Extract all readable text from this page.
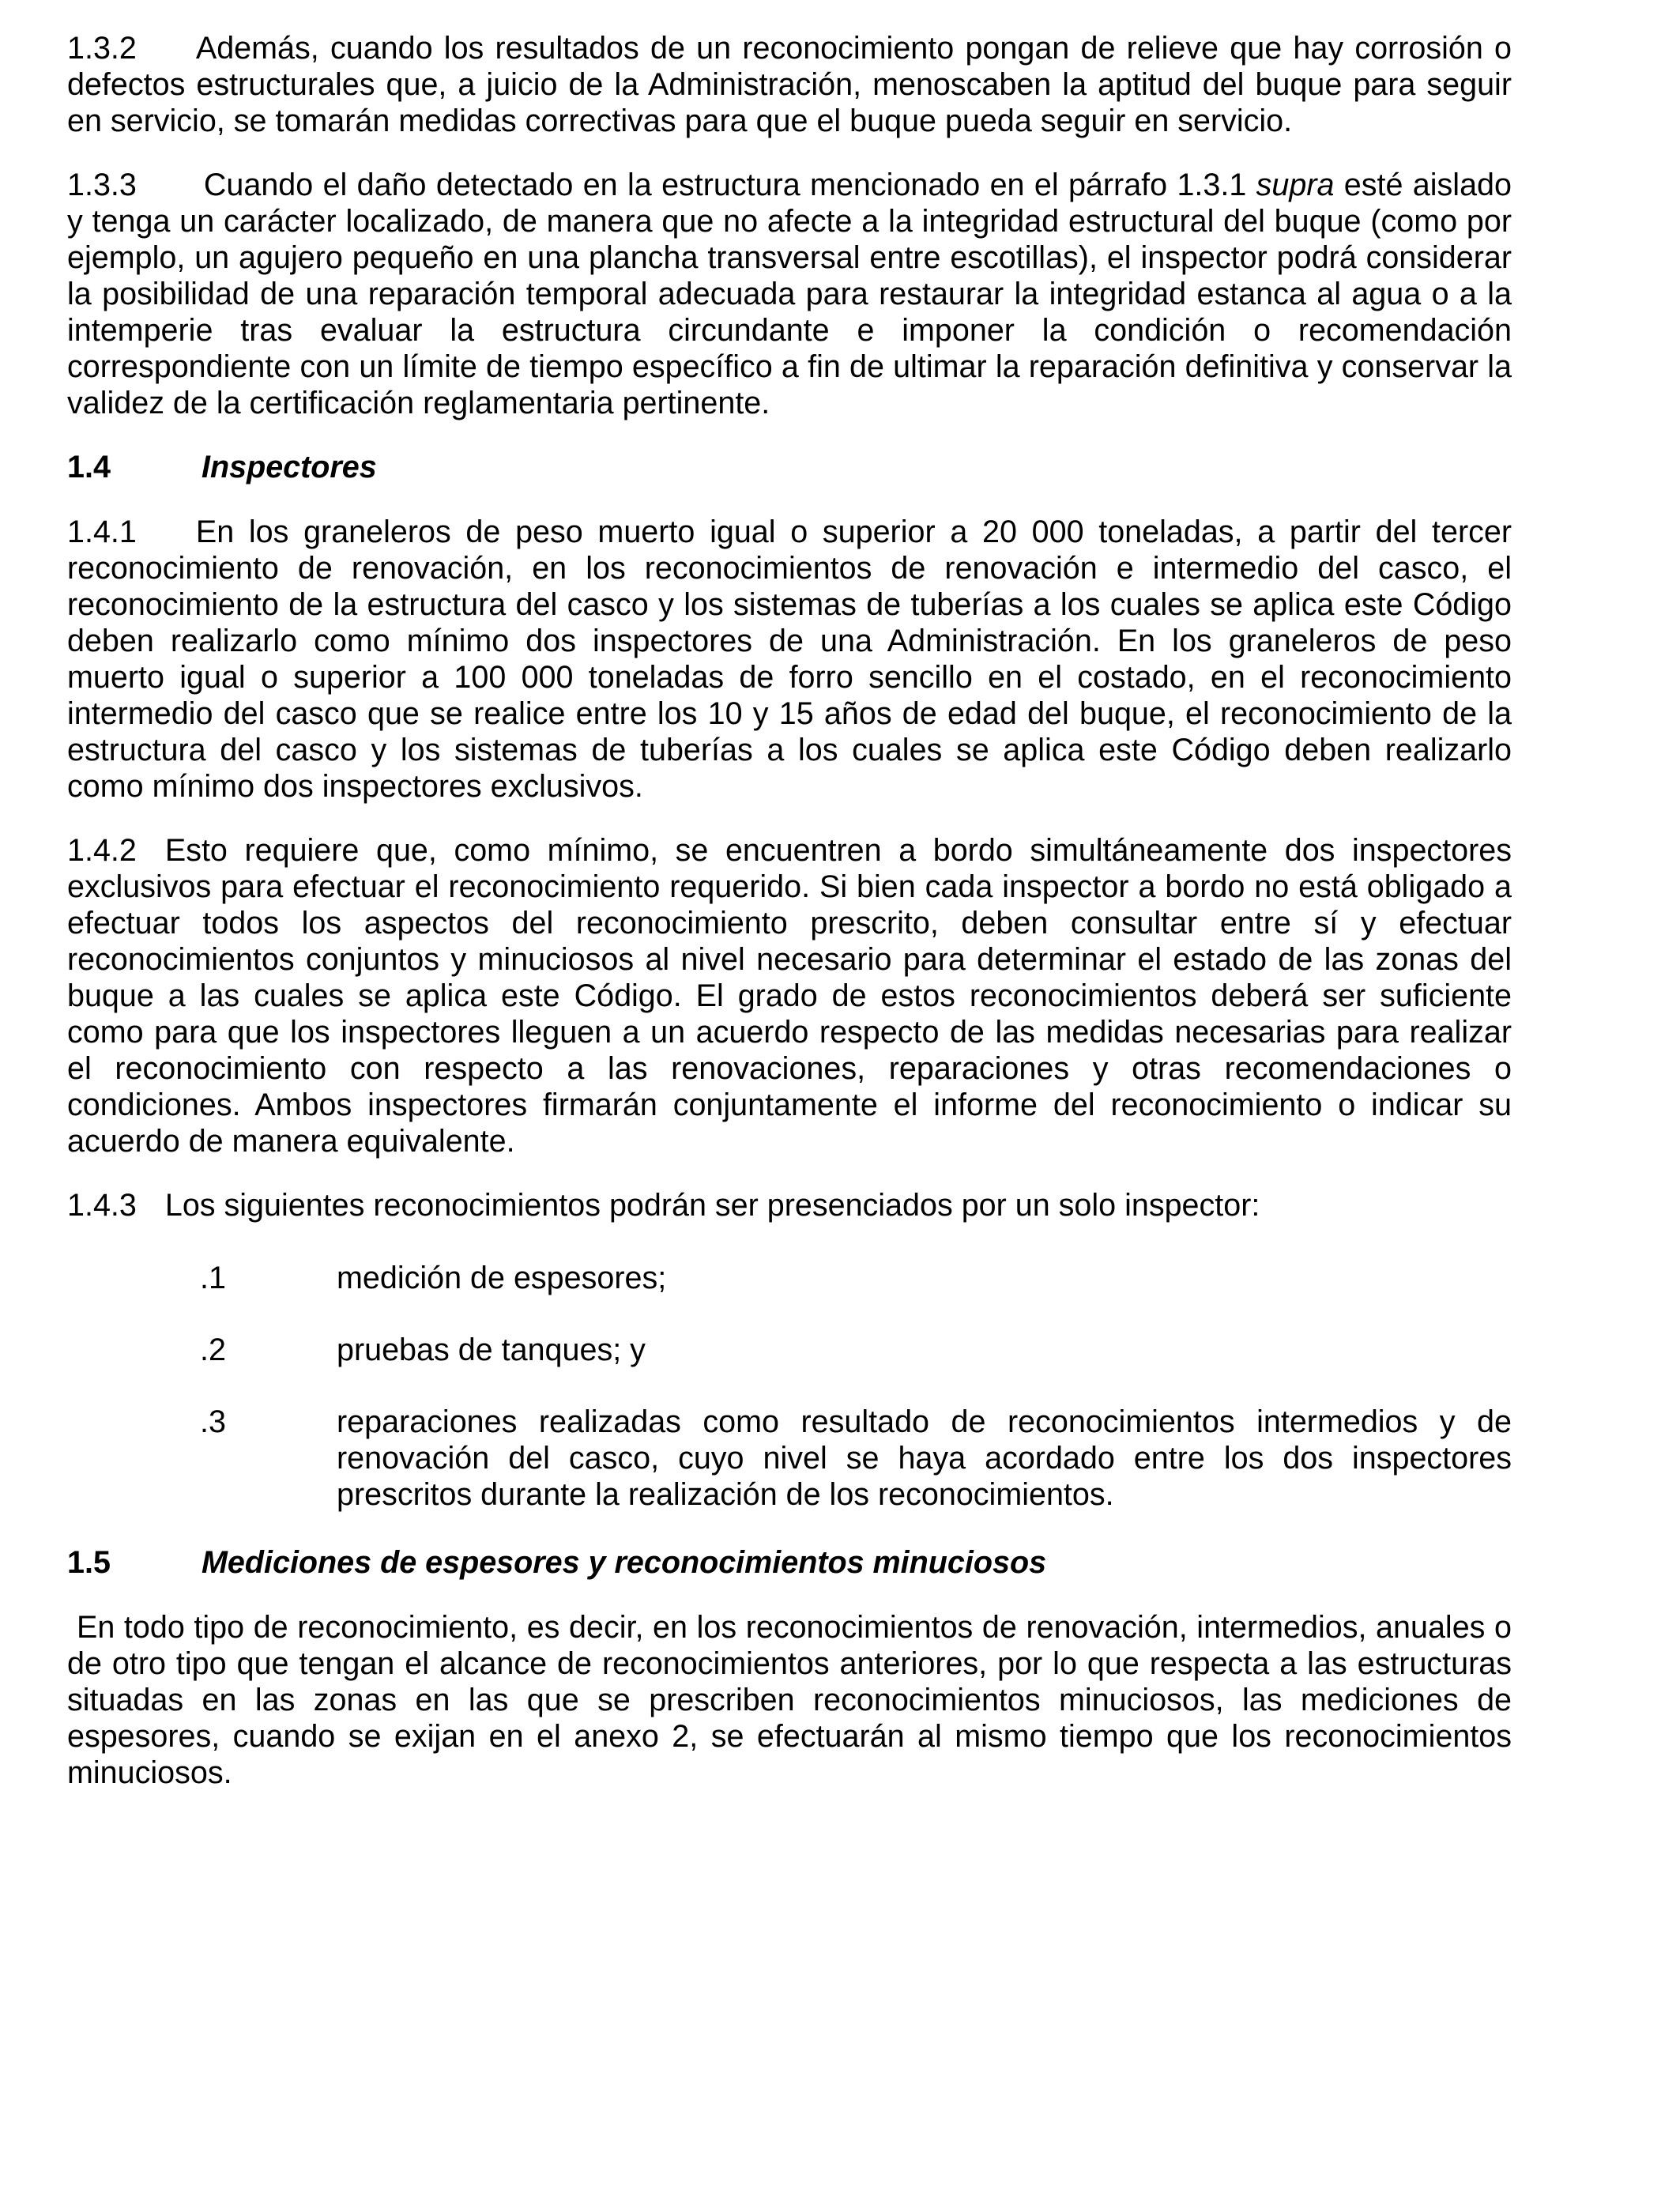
1.3.2 Además, cuando los resultados de un reconocimiento pongan de relieve que hay corrosión o defectos estructurales que, a juicio de la Administración, menoscaben la aptitud del buque para seguir en servicio, se tomarán medidas correctivas para que el buque pueda seguir en servicio.

1.3.3 Cuando el daño detectado en la estructura mencionado en el párrafo 1.3.1 supra esté aislado y tenga un carácter localizado, de manera que no afecte a la integridad estructural del buque (como por ejemplo, un agujero pequeño en una plancha transversal entre escotillas), el inspector podrá considerar la posibilidad de una reparación temporal adecuada para restaurar la integridad estanca al agua o a la intemperie tras evaluar la estructura circundante e imponer la condición o recomendación correspondiente con un límite de tiempo específico a fin de ultimar la reparación definitiva y conservar la validez de la certificación reglamentaria pertinente.

1.4	Inspectores

1.4.1 En los graneleros de peso muerto igual o superior a 20 000 toneladas, a partir del tercer reconocimiento de renovación, en los reconocimientos de renovación e intermedio del casco, el reconocimiento de la estructura del casco y los sistemas de tuberías a los cuales se aplica este Código deben realizarlo como mínimo dos inspectores de una Administración. En los graneleros de peso muerto igual o superior a 100 000 toneladas de forro sencillo en el costado, en el reconocimiento intermedio del casco que se realice entre los 10 y 15 años de edad del buque, el reconocimiento de la estructura del casco y los sistemas de tuberías a los cuales se aplica este Código deben realizarlo como mínimo dos inspectores exclusivos.

1.4.2 Esto requiere que, como mínimo, se encuentren a bordo simultáneamente dos inspectores exclusivos para efectuar el reconocimiento requerido. Si bien cada inspector a bordo no está obligado a efectuar todos los aspectos del reconocimiento prescrito, deben consultar entre sí y efectuar reconocimientos conjuntos y minuciosos al nivel necesario para determinar el estado de las zonas del buque a las cuales se aplica este Código. El grado de estos reconocimientos deberá ser suficiente como para que los inspectores lleguen a un acuerdo respecto de las medidas necesarias para realizar el reconocimiento con respecto a las renovaciones, reparaciones y otras recomendaciones o condiciones. Ambos inspectores firmarán conjuntamente el informe del reconocimiento o indicar su acuerdo de manera equivalente.

1.4.3 Los siguientes reconocimientos podrán ser presenciados por un solo inspector:

.1	medición de espesores;
.2	pruebas de tanques; y
.3	reparaciones realizadas como resultado de reconocimientos intermedios y de renovación del casco, cuyo nivel se haya acordado entre los dos inspectores prescritos durante la realización de los reconocimientos.
1.5	Mediciones de espesores y reconocimientos minuciosos

En todo tipo de reconocimiento, es decir, en los reconocimientos de renovación, intermedios, anuales o de otro tipo que tengan el alcance de reconocimientos anteriores, por lo que respecta a las estructuras situadas en las zonas en las que se prescriben reconocimientos minuciosos, las mediciones de espesores, cuando se exijan en el anexo 2, se efectuarán al mismo tiempo que los reconocimientos minuciosos.
